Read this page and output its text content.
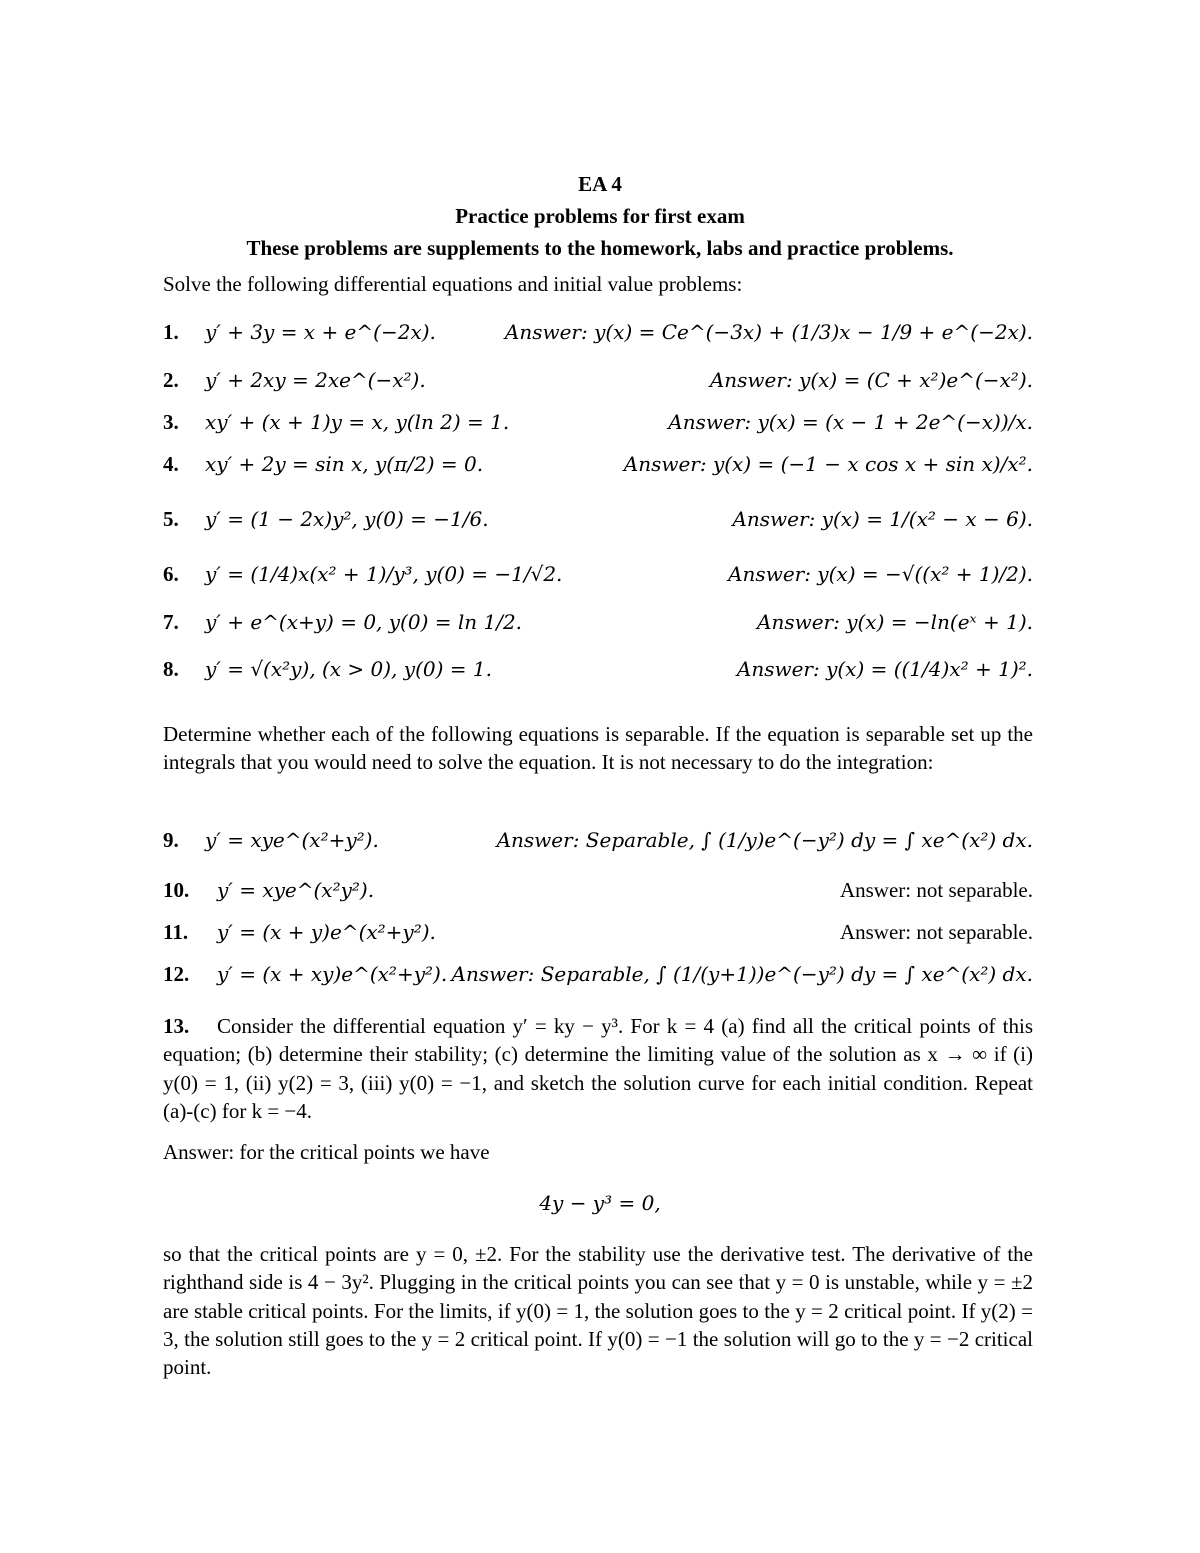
EA 4
Practice problems for first exam
These problems are supplements to the homework, labs and practice problems.
Solve the following differential equations and initial value problems:
1. y′ + 3y = x + e^(−2x).	Answer: y(x) = Ce^(−3x) + (1/3)x − 1/9 + e^(−2x).
2. y′ + 2xy = 2xe^(−x²).	Answer: y(x) = (C + x²)e^(−x²).
3. xy′ + (x + 1)y = x, y(ln 2) = 1.	Answer: y(x) = (x − 1 + 2e^(−x))/x.
4. xy′ + 2y = sin x, y(π/2) = 0.	Answer: y(x) = (−1 − x cos x + sin x)/x².
5. y′ = (1 − 2x)y², y(0) = −1/6.	Answer: y(x) = 1/(x² − x − 6).
6. y′ = (1/4)x(x² + 1)/y³, y(0) = −1/√2.	Answer: y(x) = −√((x² + 1)/2).
7. y′ + e^(x+y) = 0, y(0) = ln 1/2.	Answer: y(x) = −ln(eˣ + 1).
8. y′ = √(x²y), (x > 0), y(0) = 1.	Answer: y(x) = ((1/4)x² + 1)².
Determine whether each of the following equations is separable. If the equation is separable set up the integrals that you would need to solve the equation. It is not necessary to do the integration:
9. y′ = xye^(x²+y²).	Answer: Separable, ∫ (1/y)e^(−y²) dy = ∫ xe^(x²) dx.
10. y′ = xye^(x²y²).	Answer: not separable.
11. y′ = (x + y)e^(x²+y²).	Answer: not separable.
12. y′ = (x + xy)e^(x²+y²). Answer: Separable, ∫ (1/(y+1))e^(−y²) dy = ∫ xe^(x²) dx.
13. Consider the differential equation y′ = ky − y³. For k = 4 (a) find all the critical points of this equation; (b) determine their stability; (c) determine the limiting value of the solution as x → ∞ if (i) y(0) = 1, (ii) y(2) = 3, (iii) y(0) = −1, and sketch the solution curve for each initial condition. Repeat (a)-(c) for k = −4.
Answer: for the critical points we have
4y − y³ = 0,
so that the critical points are y = 0, ±2. For the stability use the derivative test. The derivative of the righthand side is 4 − 3y². Plugging in the critical points you can see that y = 0 is unstable, while y = ±2 are stable critical points. For the limits, if y(0) = 1, the solution goes to the y = 2 critical point. If y(2) = 3, the solution still goes to the y = 2 critical point. If y(0) = −1 the solution will go to the y = −2 critical point.
